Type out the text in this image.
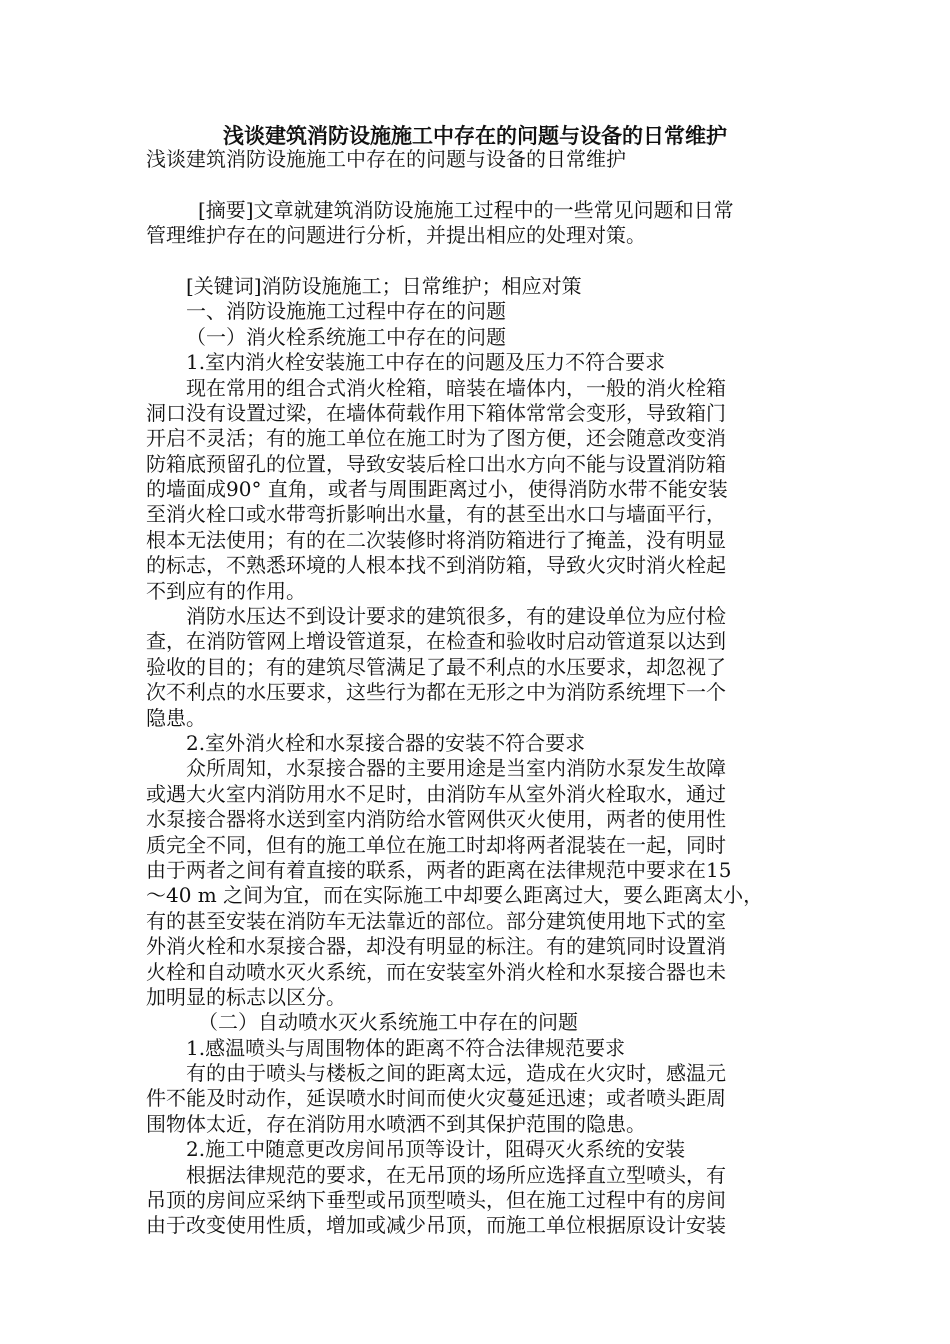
浅谈建筑消防设施施工中存在的问题与设备的日常维护
浅谈建筑消防设施施工中存在的问题与设备的日常维护
[摘要]文章就建筑消防设施施工过程中的一些常见问题和日常
管理维护存在的问题进行分析，并提出相应的处理对策。
[关键词]消防设施施工；日常维护；相应对策
一、消防设施施工过程中存在的问题
（一）消火栓系统施工中存在的问题
1.室内消火栓安装施工中存在的问题及压力不符合要求
现在常用的组合式消火栓箱，暗装在墙体内，一般的消火栓箱
洞口没有设置过梁，在墙体荷载作用下箱体常常会变形，导致箱门
开启不灵活；有的施工单位在施工时为了图方便，还会随意改变消
防箱底预留孔的位置，导致安装后栓口出水方向不能与设置消防箱
的墙面成90° 直角，或者与周围距离过小，使得消防水带不能安装
至消火栓口或水带弯折影响出水量，有的甚至出水口与墙面平行，
根本无法使用；有的在二次装修时将消防箱进行了掩盖，没有明显
的标志，不熟悉环境的人根本找不到消防箱，导致火灾时消火栓起
不到应有的作用。
消防水压达不到设计要求的建筑很多，有的建设单位为应付检
查，在消防管网上增设管道泵，在检查和验收时启动管道泵以达到
验收的目的；有的建筑尽管满足了最不利点的水压要求，却忽视了
次不利点的水压要求，这些行为都在无形之中为消防系统埋下一个
隐患。
2.室外消火栓和水泵接合器的安装不符合要求
众所周知，水泵接合器的主要用途是当室内消防水泵发生故障
或遇大火室内消防用水不足时，由消防车从室外消火栓取水，通过
水泵接合器将水送到室内消防给水管网供灭火使用，两者的使用性
质完全不同，但有的施工单位在施工时却将两者混装在一起，同时
由于两者之间有着直接的联系，两者的距离在法律规范中要求在15
～40 m 之间为宜，而在实际施工中却要么距离过大，要么距离太小，
有的甚至安装在消防车无法靠近的部位。部分建筑使用地下式的室
外消火栓和水泵接合器，却没有明显的标注。有的建筑同时设置消
火栓和自动喷水灭火系统，而在安装室外消火栓和水泵接合器也未
加明显的标志以区分。
（二）自动喷水灭火系统施工中存在的问题
1.感温喷头与周围物体的距离不符合法律规范要求
有的由于喷头与楼板之间的距离太远，造成在火灾时，感温元
件不能及时动作，延误喷水时间而使火灾蔓延迅速；或者喷头距周
围物体太近，存在消防用水喷洒不到其保护范围的隐患。
2.施工中随意更改房间吊顶等设计，阻碍灭火系统的安装
根据法律规范的要求，在无吊顶的场所应选择直立型喷头，有
吊顶的房间应采纳下垂型或吊顶型喷头，但在施工过程中有的房间
由于改变使用性质，增加或减少吊顶，而施工单位根据原设计安装
